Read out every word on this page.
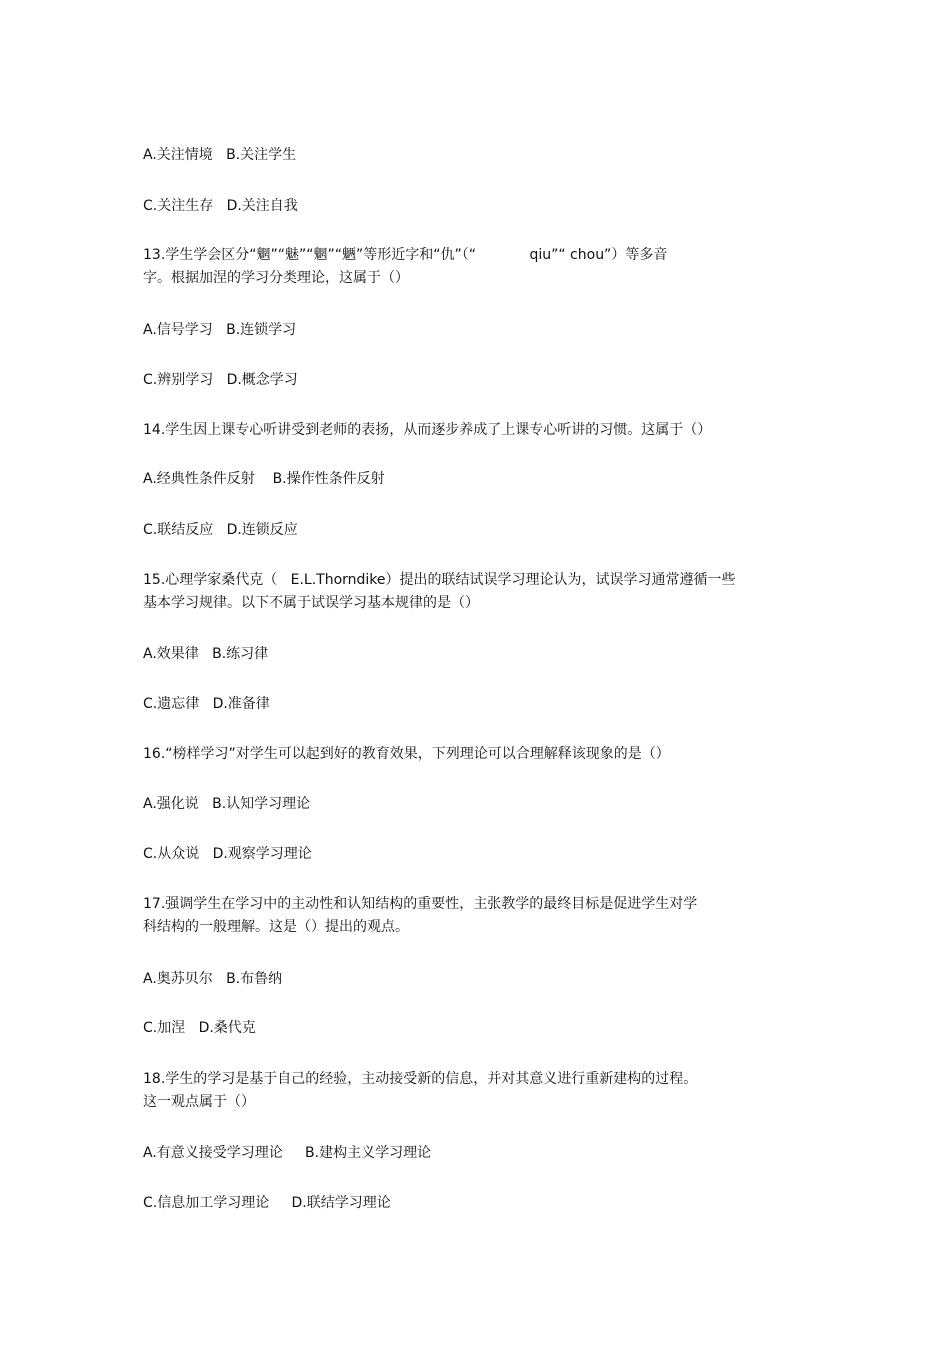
A.关注情境   B.关注学生

C.关注生存   D.关注自我

13.学生学会区分“魍”“魅”“魍”“魉”等形近字和“仇”（“            qiu”“ chou”）等多音

字。根据加涅的学习分类理论，这属于（）

A.信号学习   B.连锁学习

C.辨别学习   D.概念学习

14.学生因上课专心听讲受到老师的表扬，从而逐步养成了上课专心听讲的习惯。这属于（）

A.经典性条件反射    B.操作性条件反射

C.联结反应   D.连锁反应

15.心理学家桑代克（   E.L.Thorndike）提出的联结试误学习理论认为，试误学习通常遵循一些

基本学习规律。以下不属于试误学习基本规律的是（）

A.效果律   B.练习律

C.遗忘律   D.准备律

16.“榜样学习”对学生可以起到好的教育效果，下列理论可以合理解释该现象的是（）

A.强化说   B.认知学习理论

C.从众说   D.观察学习理论

17.强调学生在学习中的主动性和认知结构的重要性，主张教学的最终目标是促进学生对学

科结构的一般理解。这是（）提出的观点。

A.奥苏贝尔   B.布鲁纳

C.加涅   D.桑代克

18.学生的学习是基于自己的经验，主动接受新的信息，并对其意义进行重新建构的过程。

这一观点属于（）

A.有意义接受学习理论     B.建构主义学习理论

C.信息加工学习理论     D.联结学习理论
